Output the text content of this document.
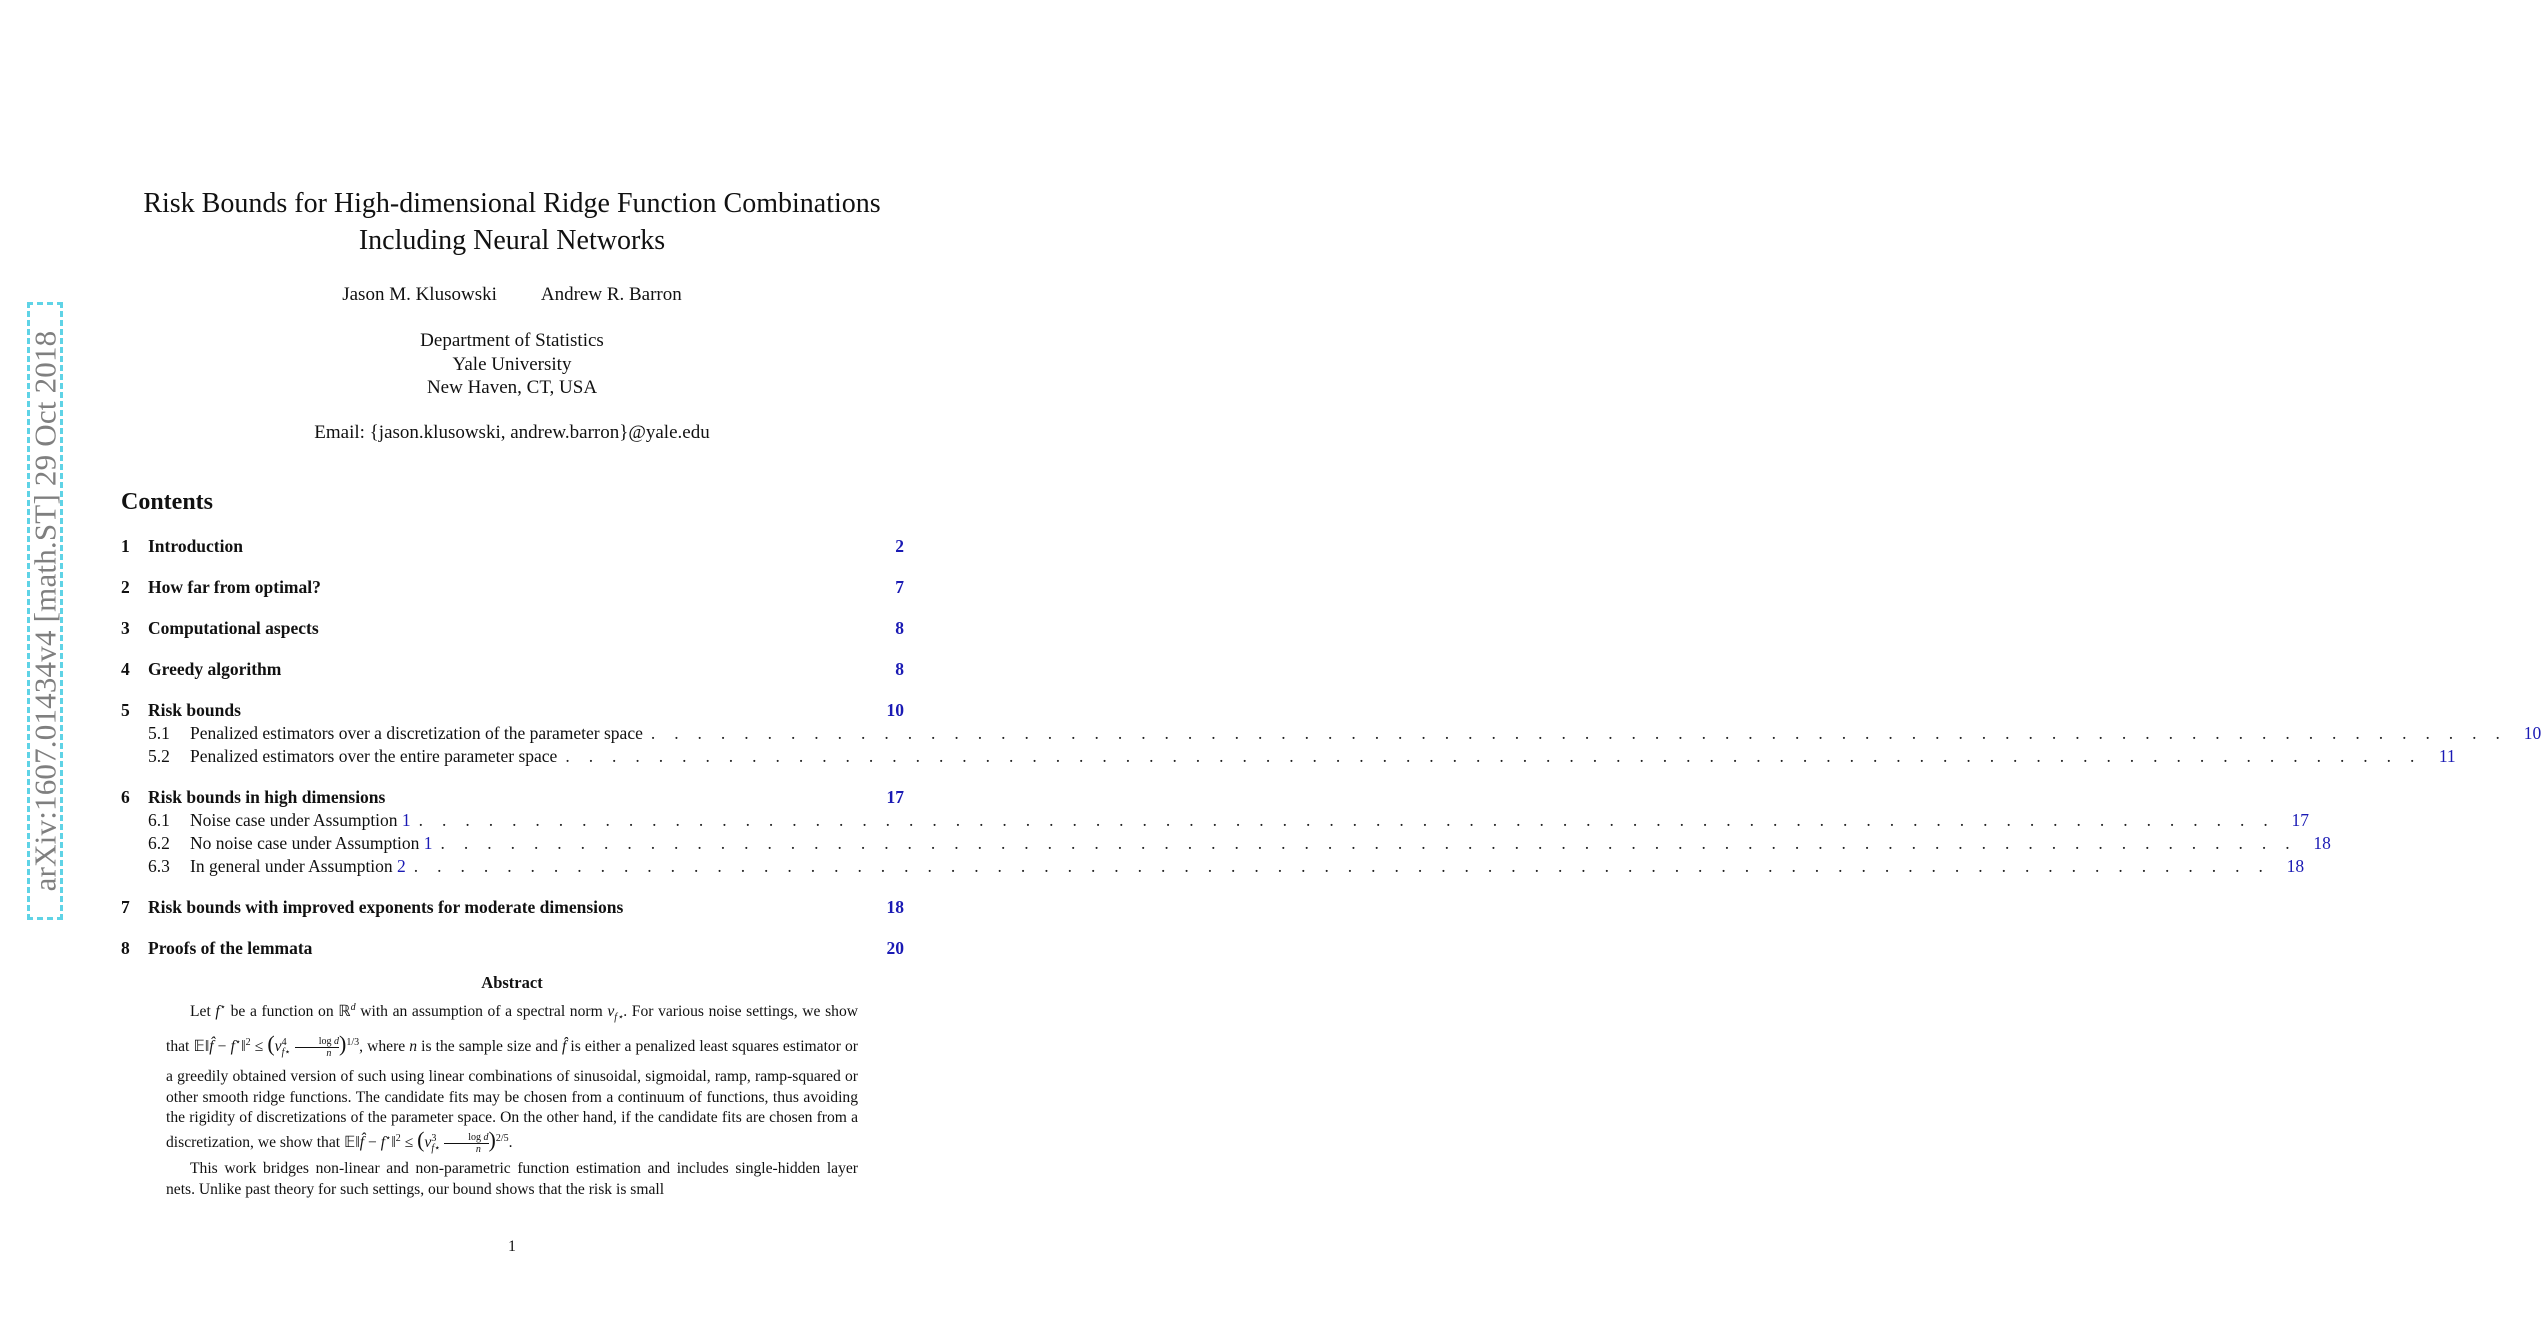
arXiv:1607.01434v4 [math.ST] 29 Oct 2018
Risk Bounds for High-dimensional Ridge Function Combinations
Including Neural Networks
Jason M. Klusowski Andrew R. Barron
Department of Statistics
Yale University
New Haven, CT, USA
Email: {jason.klusowski, andrew.barron}@yale.edu
Contents
1	Introduction	2
2	How far from optimal?	7
3	Computational aspects	8
4	Greedy algorithm	8
5	Risk bounds	10
5.1	Penalized estimators over a discretization of the parameter space . . . . . . . . . . . . . . . . . . . . . . . . . . . . . . . . . . . . . . . . . . . . . . . . . . . . . . . . . . . . . . . . . . . . . . . . . . . . . . . . 10
5.2	Penalized estimators over the entire parameter space . . . . . . . . . . . . . . . . . . . . . . . . . . . . . . . . . . . . . . . . . . . . . . . . . . . . . . . . . . . . . . . . . . . . . . . . . . . . . . . . 11
6	Risk bounds in high dimensions	17
6.1	Noise case under Assumption 1 . . . . . . . . . . . . . . . . . . . . . . . . . . . . . . . . . . . . . . . . . . . . . . . . . . . . . . . . . . . . . . . . . . . . . . . . . . . . . . . . 17
6.2	No noise case under Assumption 1 . . . . . . . . . . . . . . . . . . . . . . . . . . . . . . . . . . . . . . . . . . . . . . . . . . . . . . . . . . . . . . . . . . . . . . . . . . . . . . . . 18
6.3	In general under Assumption 2 . . . . . . . . . . . . . . . . . . . . . . . . . . . . . . . . . . . . . . . . . . . . . . . . . . . . . . . . . . . . . . . . . . . . . . . . . . . . . . . . 18
7	Risk bounds with improved exponents for moderate dimensions	18
8	Proofs of the lemmata	20
Abstract

Let f⋆ be a function on ℝ$^d$ with an assumption of a spectral norm $v_{f⋆}$. For various noise settings, we show that 𝔼‖f̂ − f⋆‖$^2$ ≤ $(v^4_{f⋆} \frac{\text{log d}}{n} )^{1/3}$, where n is the sample size and f̂ is either a penalized least squares estimator or a greedily obtained version of such using linear combinations of sinusoidal, sigmoidal, ramp, ramp-squared or other smooth ridge functions. The candidate fits may be chosen from a continuum of functions, thus avoiding the rigidity of discretizations of the parameter space. On the other hand, if the candidate fits are chosen from a discretization, we show that 𝔼‖f̂ − f⋆‖$^2$ ≤ $(v^3_{f⋆} \frac{\text{log d}}{n} )^{2/5}$.

This work bridges non-linear and non-parametric function estimation and includes single-hidden layer nets. Unlike past theory for such settings, our bound shows that the risk is small

1
